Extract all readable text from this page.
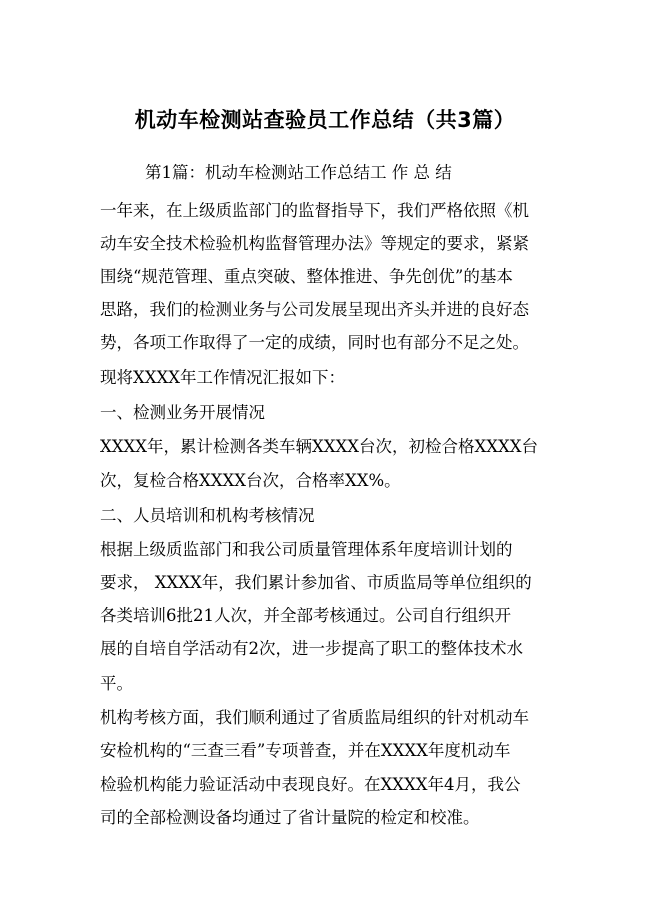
机动车检测站查验员工作总结（共3篇）
第1篇：机动车检测站工作总结工 作 总 结
一年来，在上级质监部门的监督指导下，我们严格依照《机
动车安全技术检验机构监督管理办法》等规定的要求，紧紧
围绕“规范管理、重点突破、整体推进、争先创优”的基本
思路，我们的检测业务与公司发展呈现出齐头并进的良好态
势，各项工作取得了一定的成绩，同时也有部分不足之处。
现将XXXX年工作情况汇报如下：
一、检测业务开展情况
XXXX年，累计检测各类车辆XXXX台次，初检合格XXXX台
次，复检合格XXXX台次，合格率XX%。
二、人员培训和机构考核情况
根据上级质监部门和我公司质量管理体系年度培训计划的
要求， XXXX年，我们累计参加省、市质监局等单位组织的
各类培训6批21人次，并全部考核通过。公司自行组织开
展的自培自学活动有2次，进一步提高了职工的整体技术水
平。
机构考核方面，我们顺利通过了省质监局组织的针对机动车
安检机构的“三查三看”专项普查，并在XXXX年度机动车
检验机构能力验证活动中表现良好。在XXXX年4月，我公
司的全部检测设备均通过了省计量院的检定和校准。
